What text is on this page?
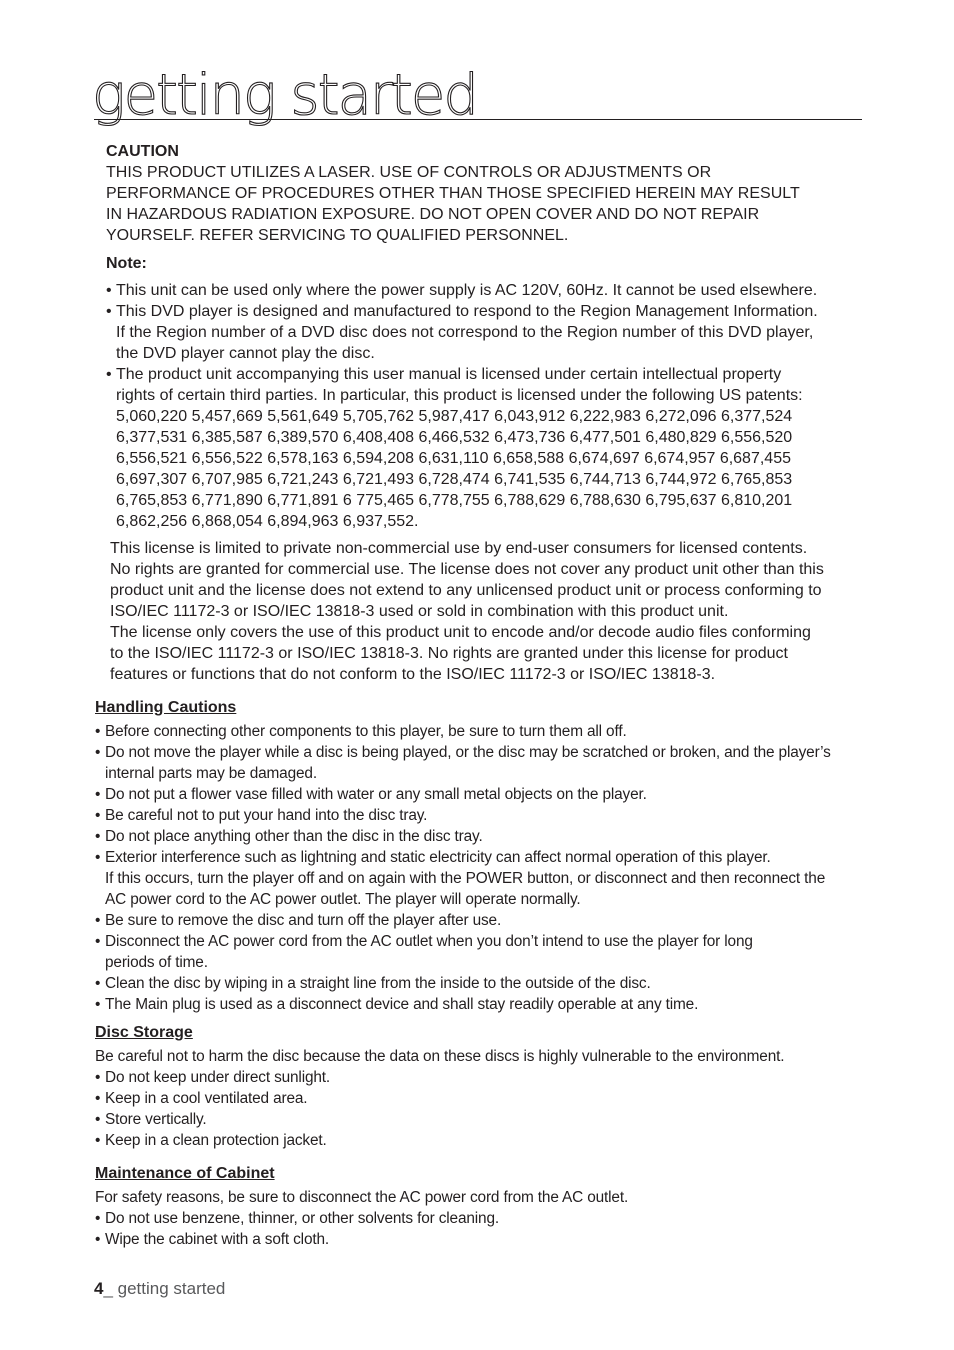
getting started

CAUTION

THIS PRODUCT UTILIZES A LASER. USE OF CONTROLS OR ADJUSTMENTS OR

PERFORMANCE OF PROCEDURES OTHER THAN THOSE SPECIFIED HEREIN MAY RESULT

IN HAZARDOUS RADIATION EXPOSURE. DO NOT OPEN COVER AND DO NOT REPAIR

YOURSELF. REFER SERVICING TO QUALIFIED PERSONNEL.

Note:

• This unit can be used only where the power supply is AC 120V, 60Hz. It cannot be used elsewhere.

• This DVD player is designed and manufactured to respond to the Region Management Information.

If the Region number of a DVD disc does not correspond to the Region number of this DVD player,

the DVD player cannot play the disc.

• The product unit accompanying this user manual is licensed under certain intellectual property

rights of certain third parties. In particular, this product is licensed under the following US patents:

5,060,220 5,457,669 5,561,649 5,705,762 5,987,417 6,043,912 6,222,983 6,272,096 6,377,524

6,377,531 6,385,587 6,389,570 6,408,408 6,466,532 6,473,736 6,477,501 6,480,829 6,556,520

6,556,521 6,556,522 6,578,163 6,594,208 6,631,110 6,658,588 6,674,697 6,674,957 6,687,455

6,697,307 6,707,985 6,721,243 6,721,493 6,728,474 6,741,535 6,744,713 6,744,972 6,765,853

6,765,853 6,771,890 6,771,891 6 775,465 6,778,755 6,788,629 6,788,630 6,795,637 6,810,201

6,862,256 6,868,054 6,894,963 6,937,552.

This license is limited to private non-commercial use by end-user consumers for licensed contents.

No rights are granted for commercial use. The license does not cover any product unit other than this

product unit and the license does not extend to any unlicensed product unit or process conforming to

ISO/IEC 11172-3 or ISO/IEC 13818-3 used or sold in combination with this product unit.

The license only covers the use of this product unit to encode and/or decode audio files conforming

to the ISO/IEC 11172-3 or ISO/IEC 13818-3. No rights are granted under this license for product

features or functions that do not conform to the ISO/IEC 11172-3 or ISO/IEC 13818-3.

Handling Cautions

• Before connecting other components to this player, be sure to turn them all off.

• Do not move the player while a disc is being played, or the disc may be scratched or broken, and the player’s

internal parts may be damaged.

• Do not put a flower vase filled with water or any small metal objects on the player.

• Be careful not to put your hand into the disc tray.

• Do not place anything other than the disc in the disc tray.

• Exterior interference such as lightning and static electricity can affect normal operation of this player.

If this occurs, turn the player off and on again with the POWER button, or disconnect and then reconnect the

AC power cord to the AC power outlet. The player will operate normally.

• Be sure to remove the disc and turn off the player after use.

• Disconnect the AC power cord from the AC outlet when you don’t intend to use the player for long

periods of time.

• Clean the disc by wiping in a straight line from the inside to the outside of the disc.

• The Main plug is used as a disconnect device and shall stay readily operable at any time.

Disc Storage

Be careful not to harm the disc because the data on these discs is highly vulnerable to the environment.

• Do not keep under direct sunlight.

• Keep in a cool ventilated area.

• Store vertically.

• Keep in a clean protection jacket.

Maintenance of Cabinet

For safety reasons, be sure to disconnect the AC power cord from the AC outlet.

• Do not use benzene, thinner, or other solvents for cleaning.

• Wipe the cabinet with a soft cloth.

4_ getting started
